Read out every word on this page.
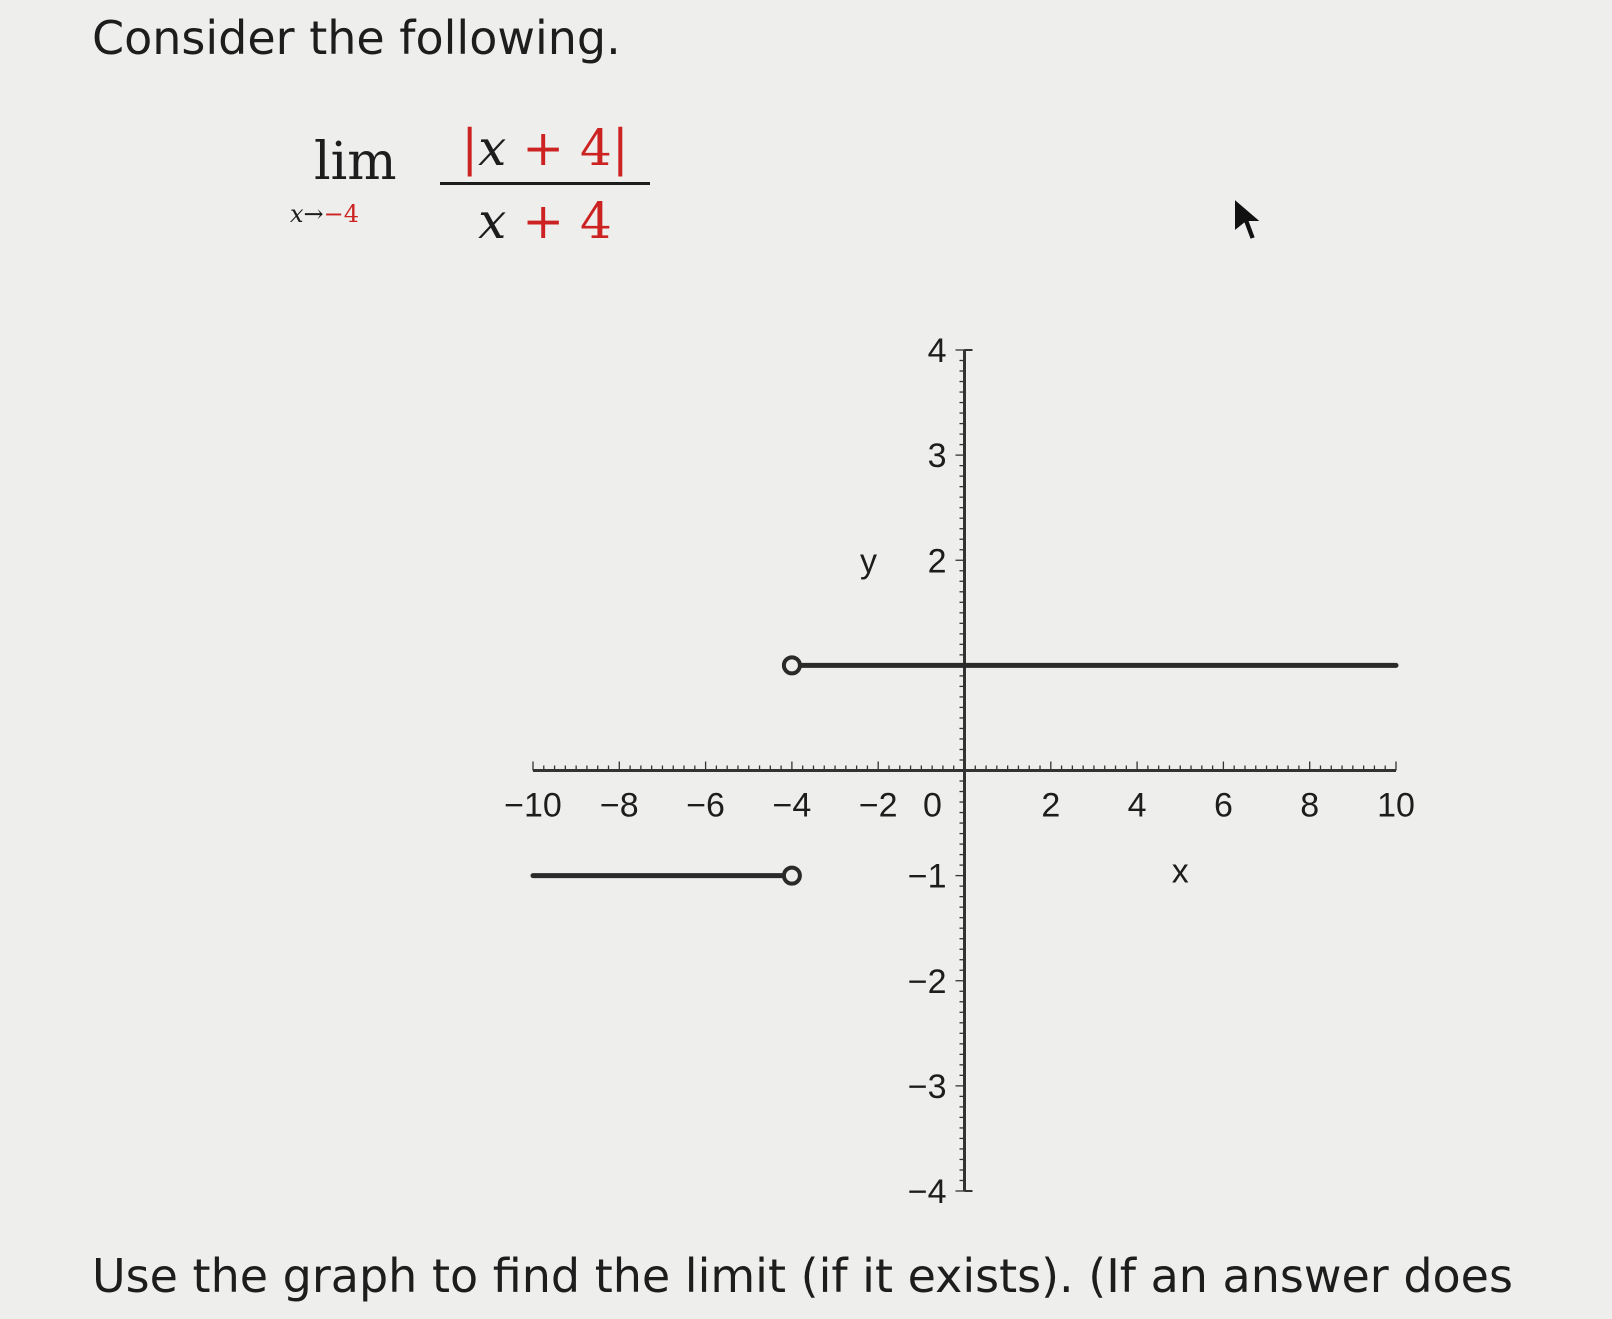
Consider the following.
lim
x→−4
|x + 4|
x + 4
−10 −8 −6 −4 −2 0	2 4 6 8 10
−4
−3
−2
−1
2
3
4
x
y

Use the graph to find the limit (if it exists). (If an answer does
